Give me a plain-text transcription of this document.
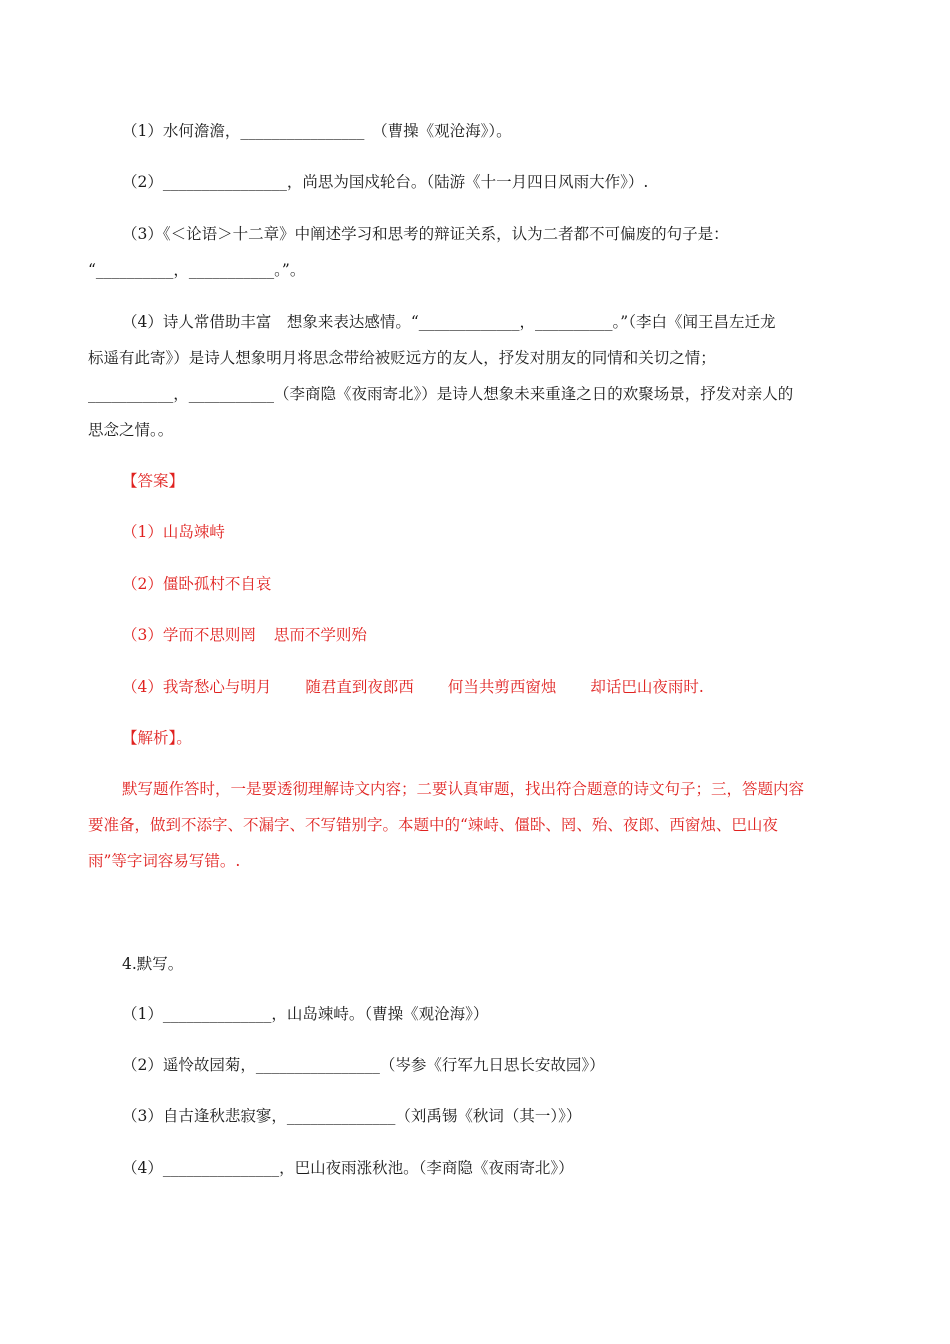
（1）水何澹澹，________________　（曹操《观沧海》）。

（2）________________，尚思为国戍轮台。（陆游《十一月四日风雨大作》）.

（3）《＜论语＞十二章》中阐述学习和思考的辩证关系，认为二者都不可偏废的句子是：

“__________，___________。”。

（4）诗人常借助丰富　想象来表达感情。“_____________，__________。”（李白《闻王昌左迁龙

标遥有此寄》）是诗人想象明月将思念带给被贬远方的友人，抒发对朋友的同情和关切之情；

___________，___________（李商隐《夜雨寄北》）是诗人想象未来重逢之日的欢聚场景，抒发对亲人的

思念之情。。

【答案】

（1）山岛竦峙

（2）僵卧孤村不自哀

（3）学而不思则罔 思而不学则殆

（4）我寄愁心与明月 随君直到夜郎西 何当共剪西窗烛 却话巴山夜雨时.

【解析】。

默写题作答时，一是要透彻理解诗文内容；二要认真审题，找出符合题意的诗文句子；三，答题内容

要准备，做到不添字、不漏字、不写错别字。本题中的“竦峙、僵卧、罔、殆、夜郎、西窗烛、巴山夜

雨”等字词容易写错。.

4.默写。

（1）______________，山岛竦峙。（曹操《观沧海》）

（2）遥怜故园菊，________________（岑参《行军九日思长安故园》）

（3）自古逢秋悲寂寥，______________（刘禹锡《秋词（其一）》）

（4）_______________，巴山夜雨涨秋池。（李商隐《夜雨寄北》）
